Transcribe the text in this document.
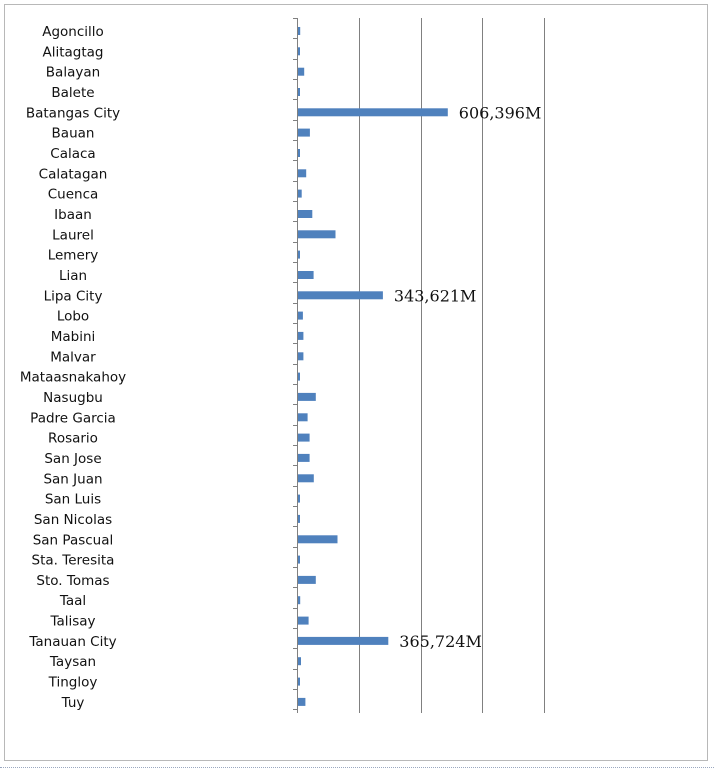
Agoncillo
Alitagtag
Balayan
Balete
Batangas City
Bauan
Calaca
Calatagan
Cuenca
Ibaan
Laurel
Lemery
Lian
Lipa City
Lobo
Mabini
Malvar
Mataasnakahoy
Nasugbu
Padre Garcia
Rosario
San Jose
San Juan
San Luis
San Nicolas
San Pascual
Sta. Teresita
Sto. Tomas
Taal
Talisay
Tanauan City
Taysan
Tingloy
Tuy
606,396M
343,621M
365,724M
